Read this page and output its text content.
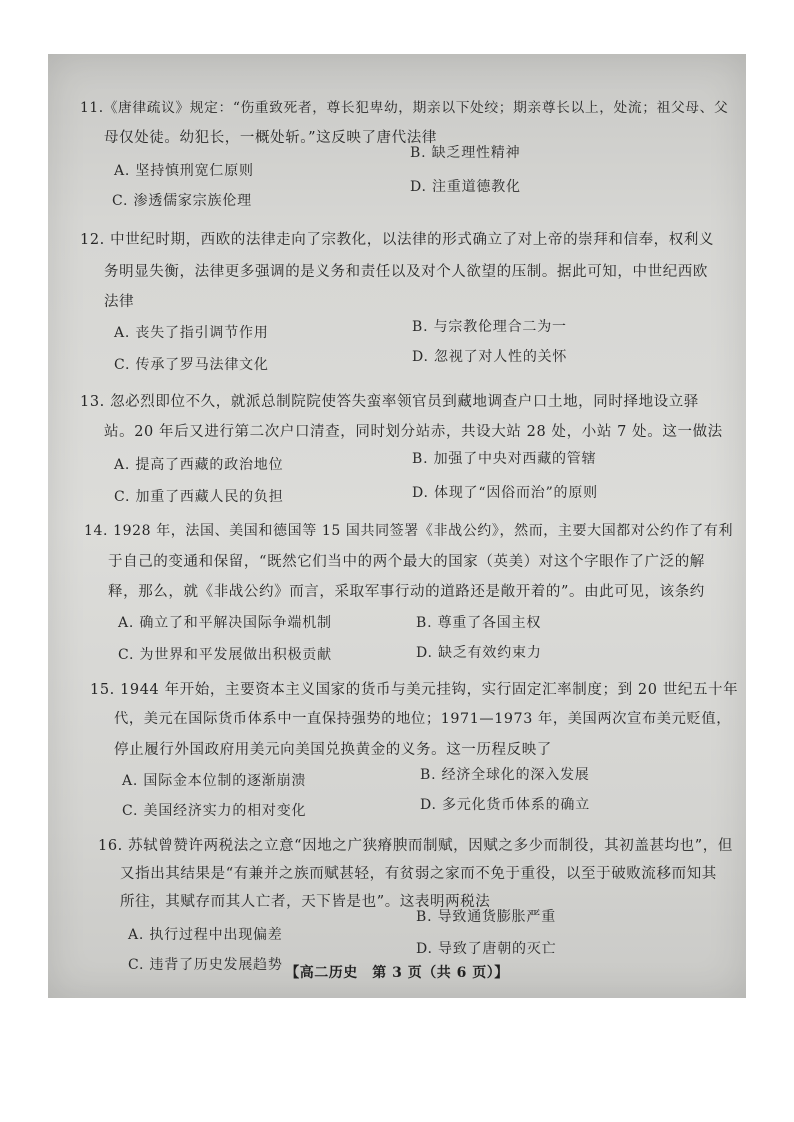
11.《唐律疏议》规定：“伤重致死者，尊长犯卑幼，期亲以下处绞；期亲尊长以上，处流；祖父母、父
母仅处徒。幼犯长，一概处斩。”这反映了唐代法律
A. 坚持慎刑宽仁原则
B. 缺乏理性精神
C. 渗透儒家宗族伦理
D. 注重道德教化
12. 中世纪时期，西欧的法律走向了宗教化，以法律的形式确立了对上帝的崇拜和信奉，权利义
务明显失衡，法律更多强调的是义务和责任以及对个人欲望的压制。据此可知，中世纪西欧
法律
A. 丧失了指引调节作用	B. 与宗教伦理合二为一
C. 传承了罗马法律文化	D. 忽视了对人性的关怀
13. 忽必烈即位不久，就派总制院院使答失蛮率领官员到藏地调查户口土地，同时择地设立驿
站。20 年后又进行第二次户口清查，同时划分站赤，共设大站 28 处，小站 7 处。这一做法
A. 提高了西藏的政治地位	B. 加强了中央对西藏的管辖
C. 加重了西藏人民的负担	D. 体现了“因俗而治”的原则
14. 1928 年，法国、美国和德国等 15 国共同签署《非战公约》，然而，主要大国都对公约作了有利
于自己的变通和保留，“既然它们当中的两个最大的国家（英美）对这个字眼作了广泛的解
释，那么，就《非战公约》而言，采取军事行动的道路还是敞开着的”。由此可见，该条约
A. 确立了和平解决国际争端机制	B. 尊重了各国主权
C. 为世界和平发展做出积极贡献	D. 缺乏有效约束力
15. 1944 年开始，主要资本主义国家的货币与美元挂钩，实行固定汇率制度；到 20 世纪五十年
代，美元在国际货币体系中一直保持强势的地位；1971—1973 年，美国两次宣布美元贬值，
停止履行外国政府用美元向美国兑换黄金的义务。这一历程反映了
A. 国际金本位制的逐渐崩溃	B. 经济全球化的深入发展
C. 美国经济实力的相对变化	D. 多元化货币体系的确立
16. 苏轼曾赞许两税法之立意“因地之广狭瘠腴而制赋，因赋之多少而制役，其初盖甚均也”，但
又指出其结果是“有兼并之族而赋甚轻，有贫弱之家而不免于重役，以至于破败流移而知其
所往，其赋存而其人亡者，天下皆是也”。这表明两税法
A. 执行过程中出现偏差
B. 导致通货膨胀严重
C. 违背了历史发展趋势
D. 导致了唐朝的灭亡
【高二历史　第 3 页（共 6 页）】
